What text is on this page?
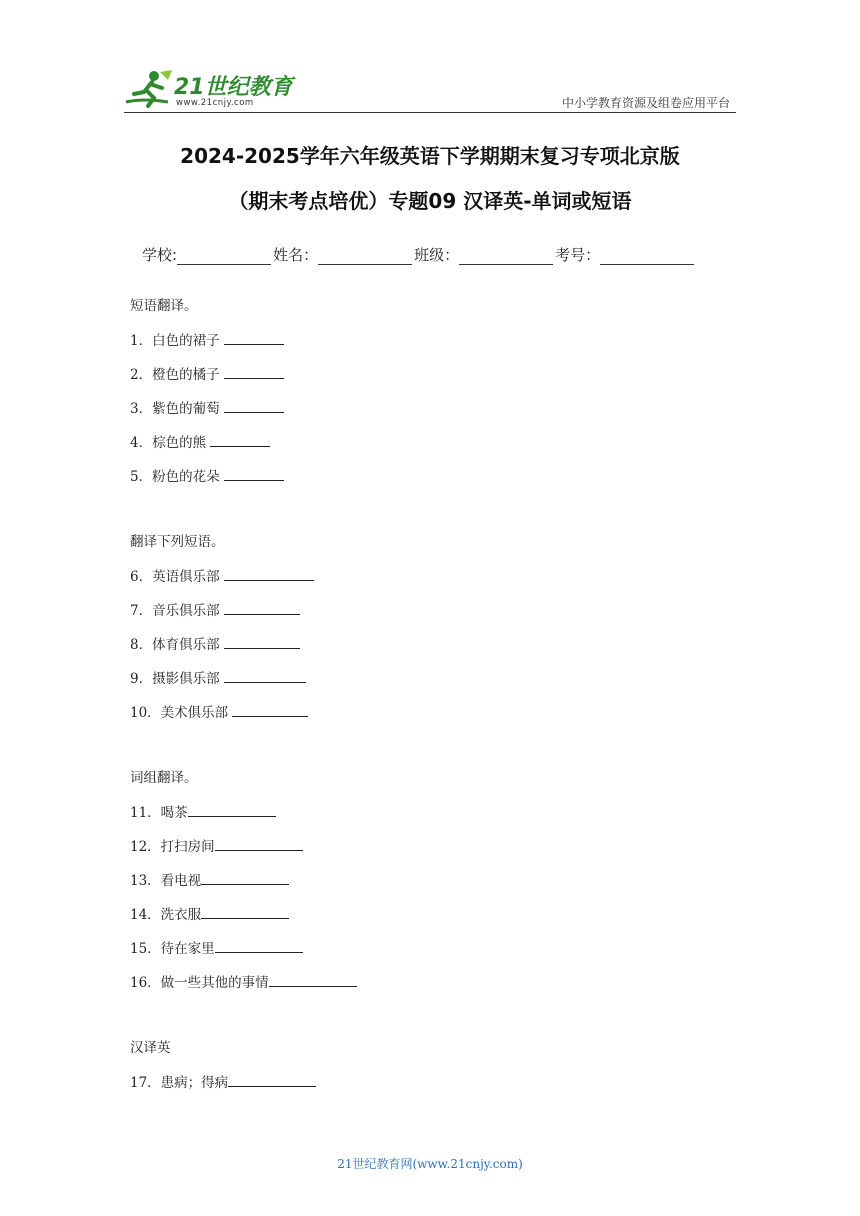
21世纪教育
www.21cnjy.com	中小学教育资源及组卷应用平台
2024-2025学年六年级英语下学期期末复习专项北京版
（期末考点培优）专题09 汉译英-单词或短语
学校:	姓名：	班级：	考号：
短语翻译。
1．白色的裙子
2．橙色的橘子
3．紫色的葡萄
4．棕色的熊
5．粉色的花朵
翻译下列短语。
6．英语俱乐部
7．音乐俱乐部
8．体育俱乐部
9．摄影俱乐部
10．美术俱乐部
词组翻译。
11．喝茶
12．打扫房间
13．看电视
14．洗衣服
15．待在家里
16．做一些其他的事情
汉译英
17．患病；得病
21世纪教育网(www.21cnjy.com)
